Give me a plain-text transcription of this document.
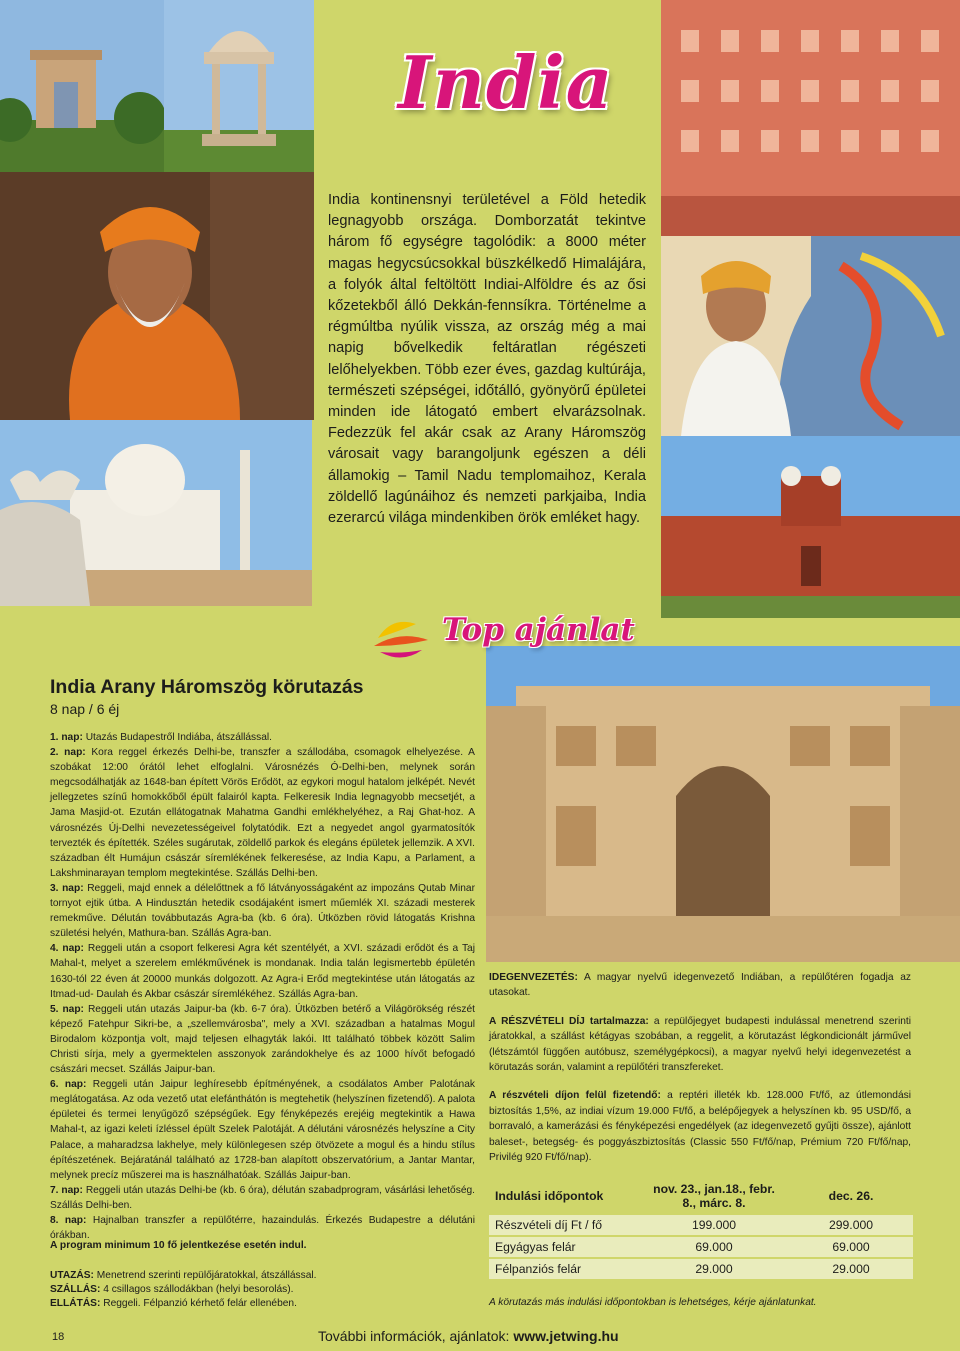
India
India kontinensnyi területével a Föld hetedik legnagyobb országa. Domborzatát tekintve három fő egységre tagolódik: a 8000 méter magas hegycsúcsokkal büszkélkedő Himalájára, a folyók által feltöltött Indiai-Alföldre és az ősi kőzetekből álló Dekkán-fennsíkra. Történelme a régmúltba nyúlik vissza, az ország még a mai napig bővelkedik feltáratlan régészeti lelőhelyekben. Több ezer éves, gazdag kultúrája, természeti szépségei, időtálló, gyönyörű épületei minden ide látogató embert elvarázsolnak. Fedezzük fel akár csak az Arany Háromszög városait vagy barangoljunk egészen a déli államokig – Tamil Nadu templomaihoz, Kerala zöldellő lagúnáihoz és nemzeti parkjaiba, India ezerarcú világa mindenkiben örök emléket hagy.
Top ajánlat
India Arany Háromszög körutazás
8 nap / 6 éj

1. nap: Utazás Budapestről Indiába, átszállással.

2. nap: Kora reggel érkezés Delhi-be, transzfer a szállodába, csomagok elhelyezése. A szobákat 12:00 órától lehet elfoglalni. Városnézés Ó-Delhi-ben, melynek során megcsodálhatják az 1648-ban épített Vörös Erődöt, az egykori mogul hatalom jelképét. Nevét jellegzetes színű homokkőből épült falairól kapta. Felkeresik India legnagyobb mecsetjét, a Jama Masjid-ot. Ezután ellátogatnak Mahatma Gandhi emlékhelyéhez, a Raj Ghat-hoz. A városnézés Új-Delhi nevezetességeivel folytatódik. Ezt a negyedet angol gyarmatosítók tervezték és építették. Széles sugárutak, zöldellő parkok és elegáns épületek jellemzik. A XVI. században élt Humájun császár síremlékének felkeresése, az India Kapu, a Parlament, a Lakshminarayan templom megtekintése. Szállás Delhi-ben.

3. nap: Reggeli, majd ennek a délelőttnek a fő látványosságaként az impozáns Qutab Minar tornyot ejtik útba. A Hindusztán hetedik csodájaként ismert műemlék XI. századi mesterek remekműve. Délután továbbutazás Agra-ba (kb. 6 óra). Útközben rövid látogatás Krishna születési helyén, Mathura-ban. Szállás Agra-ban.

4. nap: Reggeli után a csoport felkeresi Agra két szentélyét, a XVI. századi erődöt és a Taj Mahal-t, melyet a szerelem emlékművének is mondanak. India talán legismertebb épületén 1630-tól 22 éven át 20000 munkás dolgozott. Az Agra-i Erőd megtekintése után látogatás az Itmad-ud- Daulah és Akbar császár síremlékéhez. Szállás Agra-ban.

5. nap: Reggeli után utazás Jaipur-ba (kb. 6-7 óra). Útközben betérő a Világörökség részét képező Fatehpur Sikri-be, a „szellemvárosba", mely a XVI. században a hatalmas Mogul Birodalom központja volt, majd teljesen elhagyták lakói. Itt található többek között Salim Christi sírja, mely a gyermektelen asszonyok zarándokhelye és az 1000 hívőt befogadó császári mecset. Szállás Jaipur-ban.

6. nap: Reggeli után Jaipur leghíresebb építményének, a csodálatos Amber Palotának meglátogatása. Az oda vezető utat elefánthátón is megtehetik (helyszínen fizetendő). A palota épületei és termei lenyűgöző szépségűek. Egy fényképezés erejéig megtekintik a Hawa Mahal-t, az igazi keleti ízléssel épült Szelek Palotáját. A délutáni városnézés helyszíne a City Palace, a maharadzsa lakhelye, mely különlegesen szép ötvözete a mogul és a hindu stílus építészetének. Bejáratánál található az 1728-ban alapított obszervatórium, a Jantar Mantar, melynek precíz műszerei ma is használhatóak. Szállás Jaipur-ban.

7. nap: Reggeli után utazás Delhi-be (kb. 6 óra), délután szabadprogram, vásárlási lehetőség. Szállás Delhi-ben.

8. nap: Hajnalban transzfer a repülőtérre, hazaindulás. Érkezés Budapestre a délutáni órákban.

A program minimum 10 fő jelentkezése esetén indul.
UTAZÁS: Menetrend szerinti repülőjáratokkal, átszállással.
SZÁLLÁS: 4 csillagos szállodákban (helyi besorolás).
ELLÁTÁS: Reggeli. Félpanzió kérhető felár ellenében.

IDEGENVEZETÉS: A magyar nyelvű idegenvezető Indiában, a repülőtéren fogadja az utasokat.

A RÉSZVÉTELI DÍJ tartalmazza: a repülőjegyet budapesti indulással menetrend szerinti járatokkal, a szállást kétágyas szobában, a reggelit, a körutazást légkondicionált járművel (létszámtól függően autóbusz, személygépkocsi), a magyar nyelvű helyi idegenvezetést a körutazás során, valamint a repülőtéri transzfereket.

A részvételi díjon felül fizetendő: a reptéri illeték kb. 128.000 Ft/fő, az útlemondási biztosítás 1,5%, az indiai vízum 19.000 Ft/fő, a belépőjegyek a helyszínen kb. 95 USD/fő, a borravaló, a kamerázási és fényképezési engedélyek (az idegenvezető gyűjti össze), ajánlott baleset-, betegség- és poggyászbiztosítás (Classic 550 Ft/fő/nap, Prémium 720 Ft/fő/nap, Privilég 920 Ft/fő/nap).

Indulási időpontok	nov. 23., jan.18., febr. 8., márc. 8.	dec. 26.
Részvételi díj Ft / fő	199.000	299.000
Egyágyas felár	69.000	69.000
Félpanziós felár	29.000	29.000
A körutazás más indulási időpontokban is lehetséges, kérje ajánlatunkat.
18	További információk, ajánlatok: www.jetwing.hu
